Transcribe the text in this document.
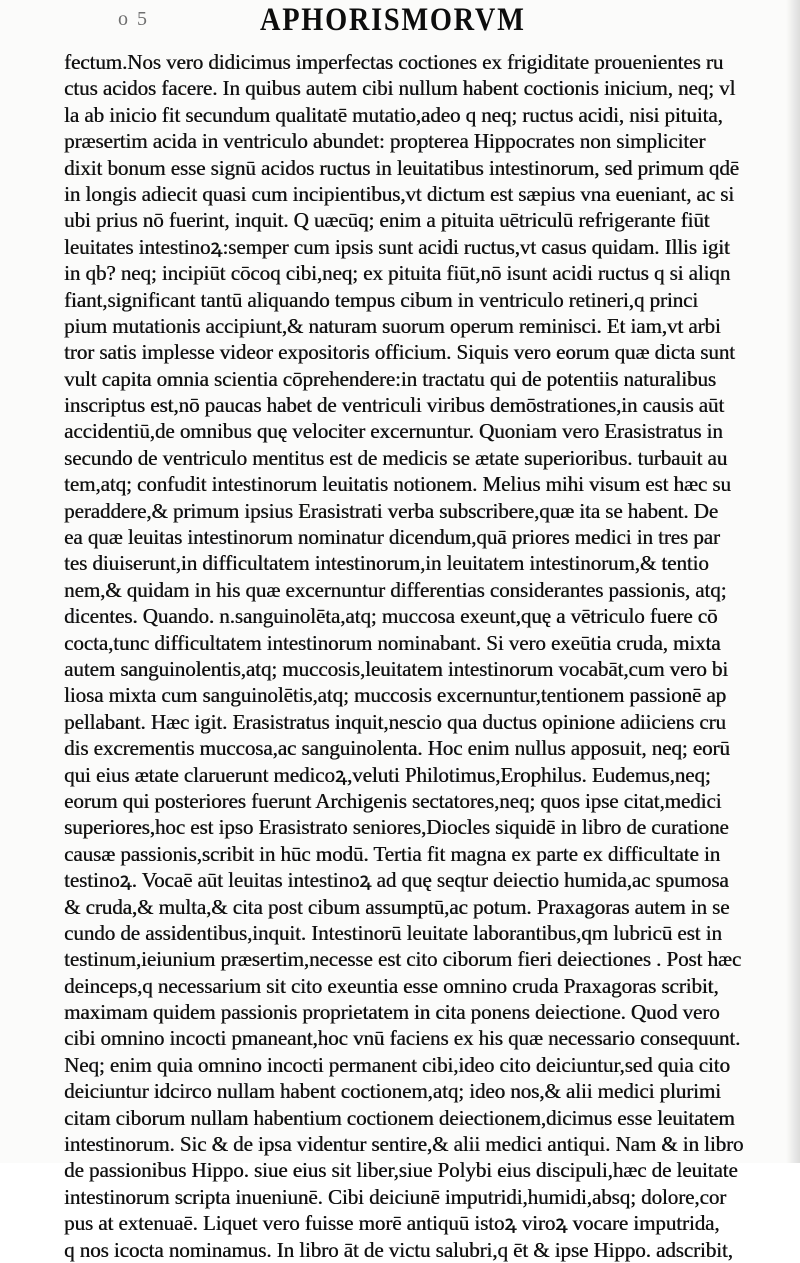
o 5	APHORISMORVM
fectum.Nos vero didicimus imperfectas coctiones ex frigiditate prouenientes ru
ctus acidos facere. In quibus autem cibi nullum habent coctionis inicium, neq; vl
la ab inicio fit secundum qualitatē mutatio,adeo q neq; ructus acidi, nisi pituita,
præsertim acida in ventriculo abundet: propterea Hippocrates non simpliciter
dixit bonum esse signū acidos ructus in leuitatibus intestinorum, sed primum qdē
in longis adiecit quasi cum incipientibus,vt dictum est sæpius vna eueniant, ac si
ubi prius nō fuerint, inquit. Q uæcūq; enim a pituita uētriculū refrigerante fiūt
leuitates intestinoꝝ:semper cum ipsis sunt acidi ructus,vt casus quidam. Illis igit
in qb? neq; incipiūt cōcoq cibi,neq; ex pituita fiūt,nō isunt acidi ructus q si aliqn
fiant,significant tantū aliquando tempus cibum in ventriculo retineri,q princi
pium mutationis accipiunt,& naturam suorum operum reminisci. Et iam,vt arbi
tror satis implesse videor expositoris officium. Siquis vero eorum quæ dicta sunt
vult capita omnia scientia cōprehendere:in tractatu qui de potentiis naturalibus
inscriptus est,nō paucas habet de ventriculi viribus demōstrationes,in causis aūt
accidentiū,de omnibus quę velociter excernuntur. Quoniam vero Erasistratus in
secundo de ventriculo mentitus est de medicis se ætate superioribus. turbauit au
tem,atq; confudit intestinorum leuitatis notionem. Melius mihi visum est hæc su
peraddere,& primum ipsius Erasistrati verba subscribere,quæ ita se habent. De
ea quæ leuitas intestinorum nominatur dicendum,quā priores medici in tres par
tes diuiserunt,in difficultatem intestinorum,in leuitatem intestinorum,& tentio
nem,& quidam in his quæ excernuntur differentias considerantes passionis, atq;
dicentes. Quando. n.sanguinolēta,atq; muccosa exeunt,quę a vētriculo fuere cō
cocta,tunc difficultatem intestinorum nominabant. Si vero exeūtia cruda, mixta
autem sanguinolentis,atq; muccosis,leuitatem intestinorum vocabāt,cum vero bi
liosa mixta cum sanguinolētis,atq; muccosis excernuntur,tentionem passionē ap
pellabant. Hæc igit. Erasistratus inquit,nescio qua ductus opinione adiiciens cru
dis excrementis muccosa,ac sanguinolenta. Hoc enim nullus apposuit, neq; eorū
qui eius ætate claruerunt medicoꝝ,veluti Philotimus,Erophilus. Eudemus,neq;
eorum qui posteriores fuerunt Archigenis sectatores,neq; quos ipse citat,medici
superiores,hoc est ipso Erasistrato seniores,Diocles siquidē in libro de curatione
causæ passionis,scribit in hūc modū. Tertia fit magna ex parte ex difficultate in
testinoꝝ. Vocaē aūt leuitas intestinoꝝ ad quę seqtur deiectio humida,ac spumosa
& cruda,& multa,& cita post cibum assumptū,ac potum. Praxagoras autem in se
cundo de assidentibus,inquit. Intestinorū leuitate laborantibus,qm lubricū est in
testinum,ieiunium præsertim,necesse est cito ciborum fieri deiectiones . Post hæc
deinceps,q necessarium sit cito exeuntia esse omnino cruda Praxagoras scribit,
maximam quidem passionis proprietatem in cita ponens deiectione. Quod vero
cibi omnino incocti pmaneant,hoc vnū faciens ex his quæ necessario consequunt.
Neq; enim quia omnino incocti permanent cibi,ideo cito deiciuntur,sed quia cito
deiciuntur idcirco nullam habent coctionem,atq; ideo nos,& alii medici plurimi
citam ciborum nullam habentium coctionem deiectionem,dicimus esse leuitatem
intestinorum. Sic & de ipsa videntur sentire,& alii medici antiqui. Nam & in libro
de passionibus Hippo. siue eius sit liber,siue Polybi eius discipuli,hæc de leuitate
intestinorum scripta inueniunē. Cibi deiciunē imputridi,humidi,absq; dolore,cor
pus at extenuaē. Liquet vero fuisse morē antiquū istoꝝ viroꝝ vocare imputrida,
q nos icocta nominamus. In libro āt de victu salubri,q ēt & ipse Hippo. adscribit,
